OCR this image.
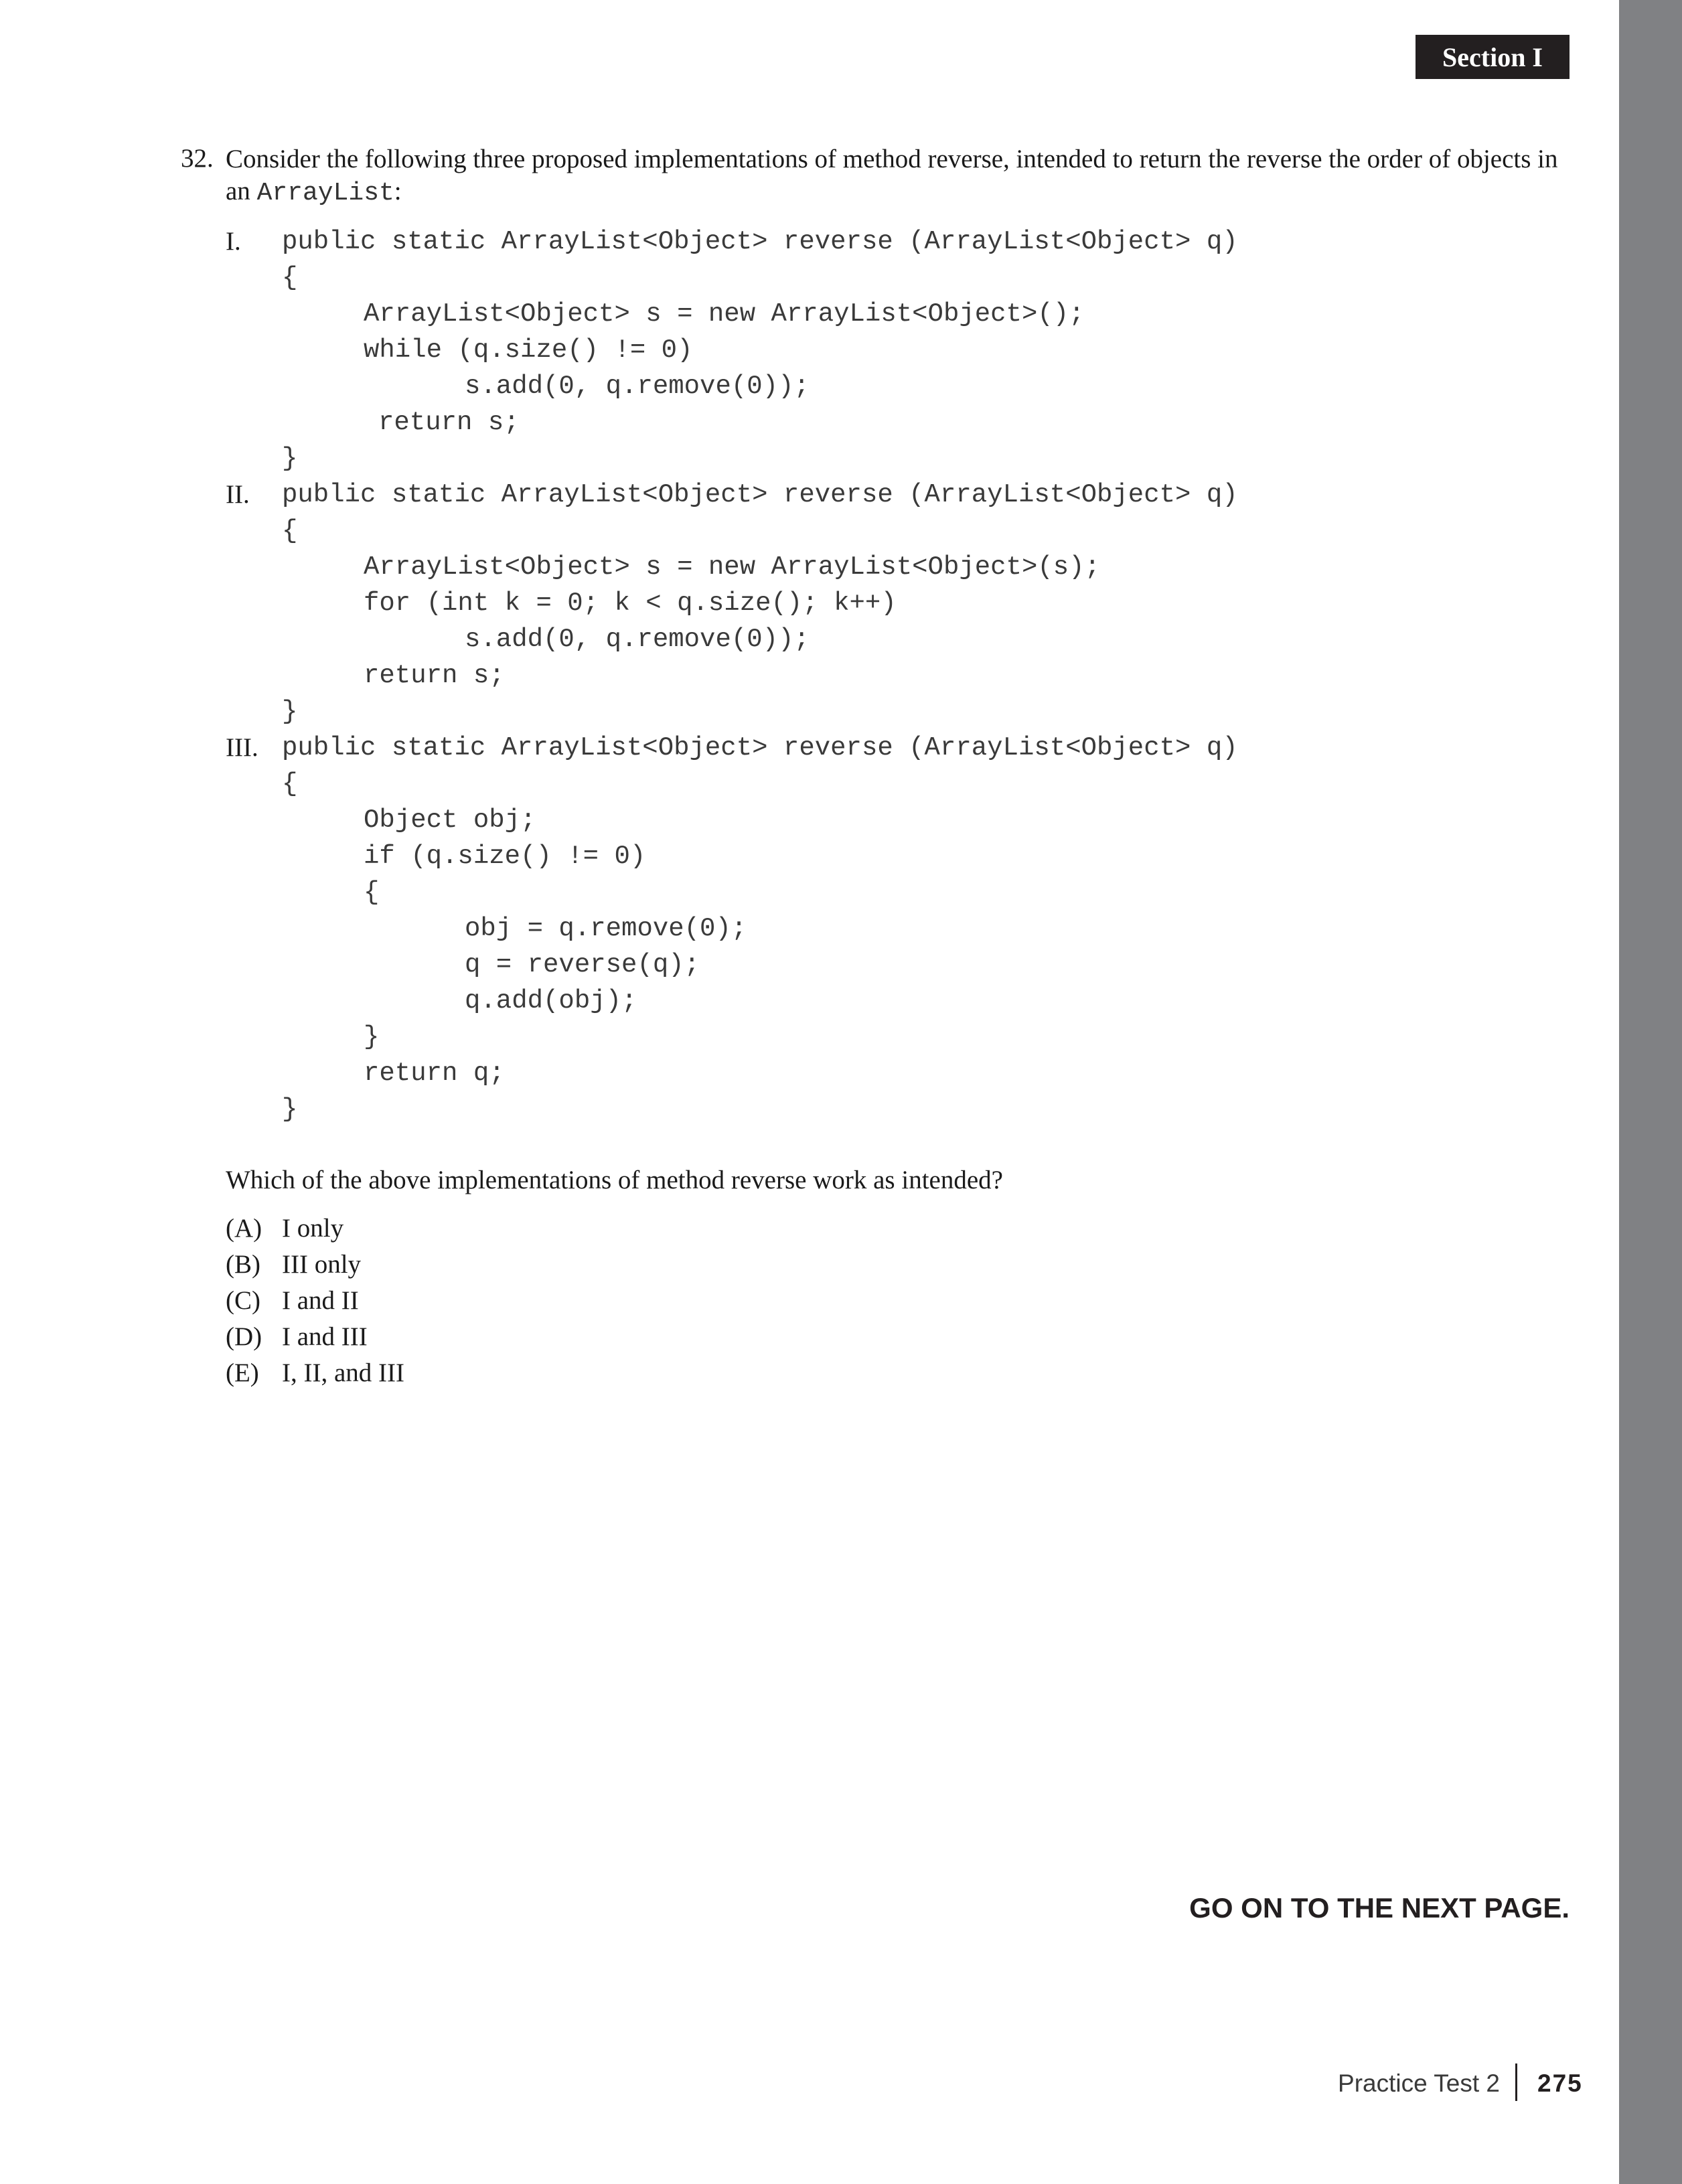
Section I
32. Consider the following three proposed implementations of method reverse, intended to return the reverse the order of objects in an ArrayList:
I. public static ArrayList<Object> reverse (ArrayList<Object> q)
{
ArrayList<Object> s = new ArrayList<Object>();
while (q.size() != 0)
s.add(0, q.remove(0));
return s;
}
II. public static ArrayList<Object> reverse (ArrayList<Object> q)
{
ArrayList<Object> s = new ArrayList<Object>(s);
for (int k = 0; k < q.size(); k++)
s.add(0, q.remove(0));
return s;
}
III. public static ArrayList<Object> reverse (ArrayList<Object> q)
{
Object obj;
if (q.size() != 0)
{
obj = q.remove(0);
q = reverse(q);
q.add(obj);
}
return q;
}
Which of the above implementations of method reverse work as intended?
(A) I only
(B) III only
(C) I and II
(D) I and III
(E) I, II, and III
GO ON TO THE NEXT PAGE.
Practice Test 2 275
